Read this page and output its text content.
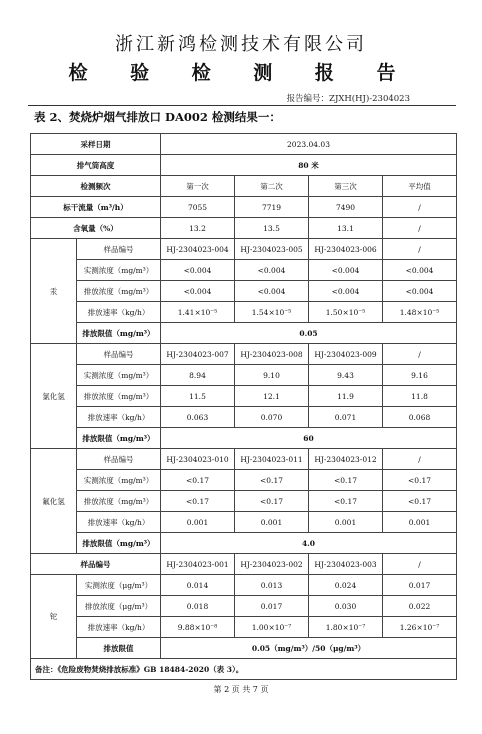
浙江新鸿检测技术有限公司
检 验 检 测 报 告
报告编号：ZJXH(HJ)-2304023
表 2、焚烧炉烟气排放口 DA002 检测结果一：
采样日期		2023.04.03			
排气筒高度		80 米			
检测频次		第一次	第二次	第三次	平均值
标干流量（m³/h）		7055	7719	7490	/
含氧量（%）		13.2	13.5	13.1	/
汞	样品编号	HJ-2304023-004	HJ-2304023-005	HJ-2304023-006	/
	实测浓度（mg/m³）	<0.004	<0.004	<0.004	<0.004
	排放浓度（mg/m³）	<0.004	<0.004	<0.004	<0.004
	排放速率（kg/h）	1.41×10⁻⁵	1.54×10⁻⁵	1.50×10⁻⁵	1.48×10⁻⁵
	排放限值（mg/m³）	0.05			
氯化氢	样品编号	HJ-2304023-007	HJ-2304023-008	HJ-2304023-009	/
	实测浓度（mg/m³）	8.94	9.10	9.43	9.16
	排放浓度（mg/m³）	11.5	12.1	11.9	11.8
	排放速率（kg/h）	0.063	0.070	0.071	0.068
	排放限值（mg/m³）	60			
氟化氢	样品编号	HJ-2304023-010	HJ-2304023-011	HJ-2304023-012	/
	实测浓度（mg/m³）	<0.17	<0.17	<0.17	<0.17
	排放浓度（mg/m³）	<0.17	<0.17	<0.17	<0.17
	排放速率（kg/h）	0.001	0.001	0.001	0.001
	排放限值（mg/m³）	4.0			
样品编号		HJ-2304023-001	HJ-2304023-002	HJ-2304023-003	/
铊	实测浓度（μg/m³）	0.014	0.013	0.024	0.017
	排放浓度（μg/m³）	0.018	0.017	0.030	0.022
	排放速率（kg/h）	9.88×10⁻⁸	1.00×10⁻⁷	1.80×10⁻⁷	1.26×10⁻⁷
	排放限值	0.05（mg/m³）/50（μg/m³）			
备注：《危险废物焚烧排放标准》GB 18484-2020（表 3）。					
第 2 页 共 7 页
